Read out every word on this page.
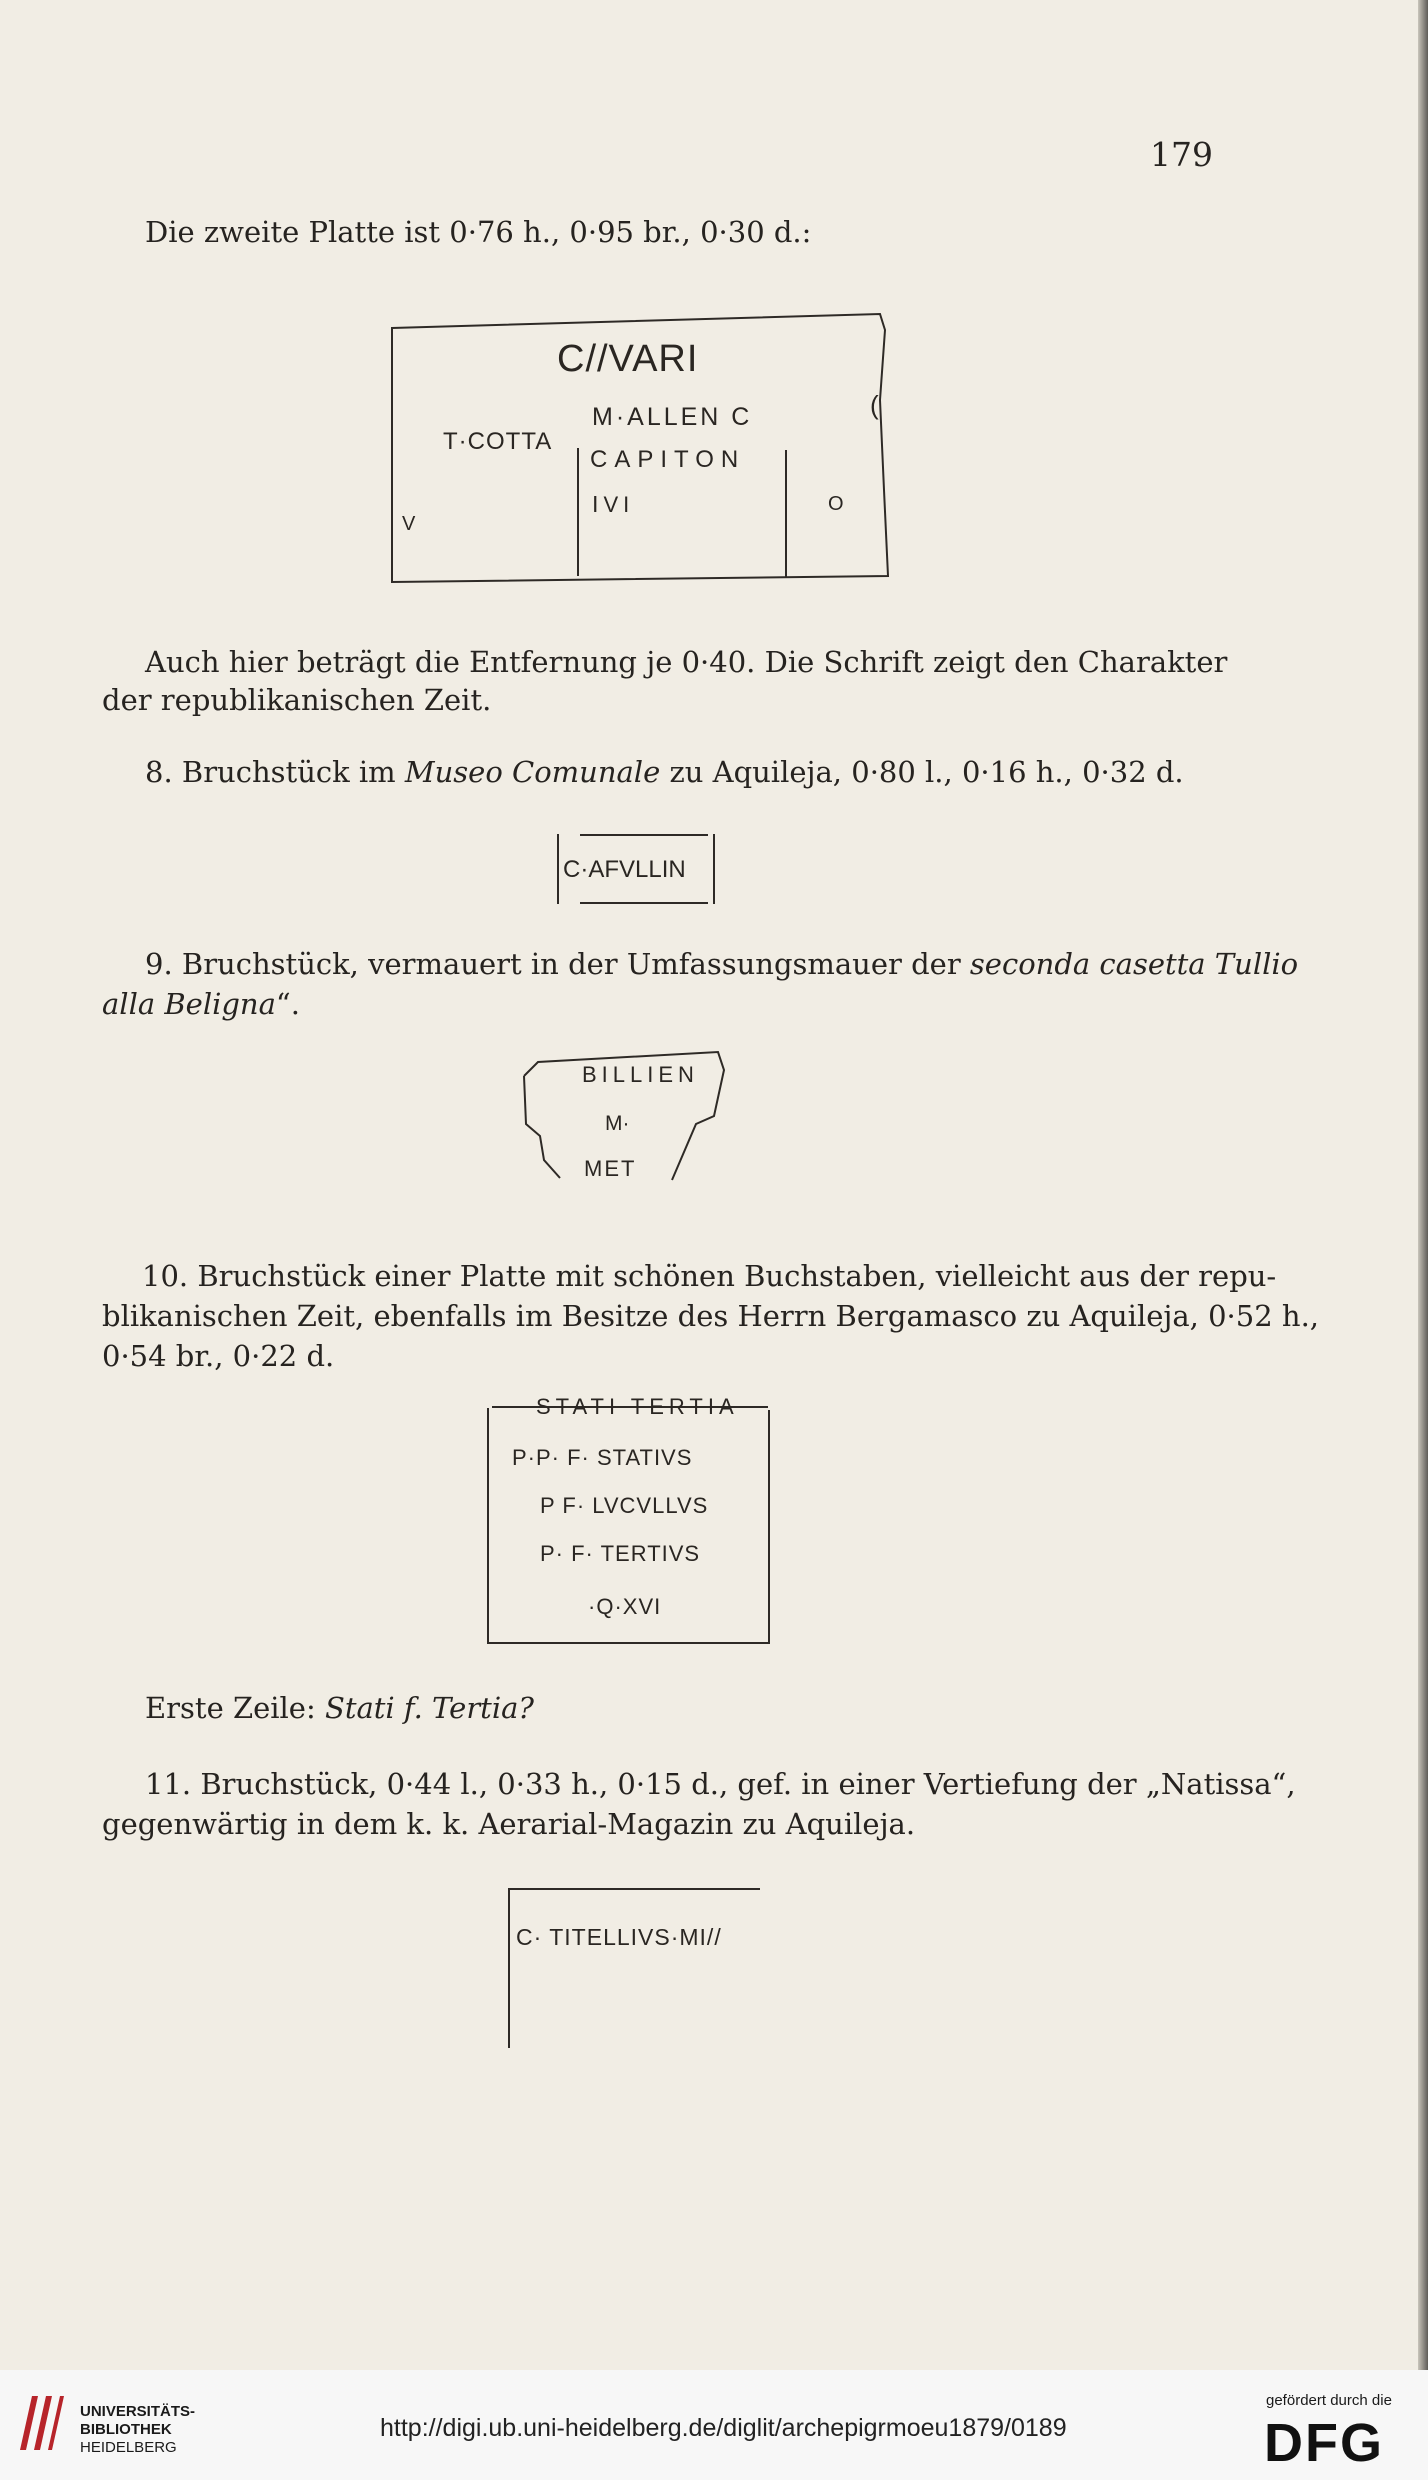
179
Die zweite Platte ist 0·76 h., 0·95 br., 0·30 d.:
C//VARI
T·COTTA
M·ALLEN C
CAPITON
ⅠVI
V
O
(
Auch hier beträgt die Entfernung je 0·40. Die Schrift zeigt den Charakter
der republikanischen Zeit.
8. Bruchstück im Museo Comunale zu Aquileja, 0·80 l., 0·16 h., 0·32 d.
C·AFVLLIN
9. Bruchstück, vermauert in der Umfassungsmauer der seconda casetta Tullio
alla Beligna“.
BILLIEN
M·
MET
10. Bruchstück einer Platte mit schönen Buchstaben, vielleicht aus der repu-
blikanischen Zeit, ebenfalls im Besitze des Herrn Bergamasco zu Aquileja, 0·52 h.,
0·54 br., 0·22 d.
STATI TERTIA
P·P· F· STATIVS
P F· LVCVLLVS
P· F· TERTIVS
·Q·XVI
Erste Zeile: Stati f. Tertia?
11. Bruchstück, 0·44 l., 0·33 h., 0·15 d., gef. in einer Vertiefung der „Natissa“,
gegenwärtig in dem k. k. Aerarial-Magazin zu Aquileja.
C· TITELLIVS·MI//
UNIVERSITÄTS-
BIBLIOTHEK
HEIDELBERG
http://digi.ub.uni-heidelberg.de/diglit/archepigrmoeu1879/0189
gefördert durch die
DFG
